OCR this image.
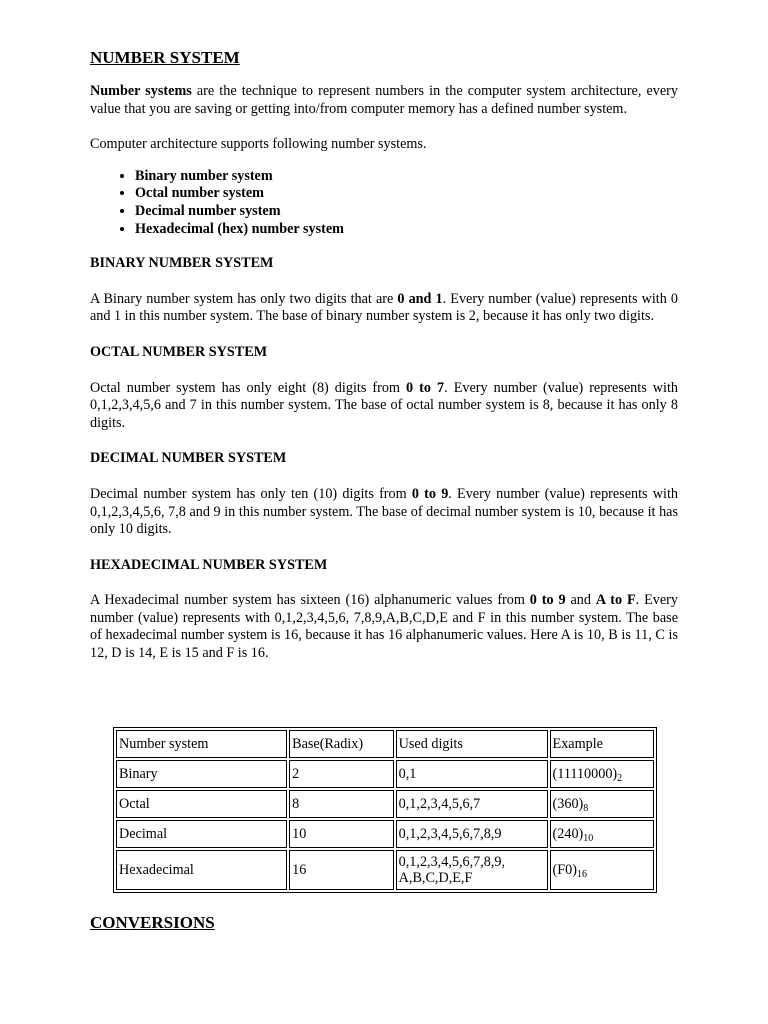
NUMBER SYSTEM

Number systems are the technique to represent numbers in the computer system architecture, every value that you are saving or getting into/from computer memory has a defined number system.

Computer architecture supports following number systems.

• Binary number system
• Octal number system
• Decimal number system
• Hexadecimal (hex) number system
BINARY NUMBER SYSTEM

A Binary number system has only two digits that are 0 and 1. Every number (value) represents with 0 and 1 in this number system. The base of binary number system is 2, because it has only two digits.

OCTAL NUMBER SYSTEM

Octal number system has only eight (8) digits from 0 to 7. Every number (value) represents with 0,1,2,3,4,5,6 and 7 in this number system. The base of octal number system is 8, because it has only 8 digits.

DECIMAL NUMBER SYSTEM

Decimal number system has only ten (10) digits from 0 to 9. Every number (value) represents with 0,1,2,3,4,5,6, 7,8 and 9 in this number system. The base of decimal number system is 10, because it has only 10 digits.

HEXADECIMAL NUMBER SYSTEM

A Hexadecimal number system has sixteen (16) alphanumeric values from 0 to 9 and A to F. Every number (value) represents with 0,1,2,3,4,5,6, 7,8,9,A,B,C,D,E and F in this number system. The base of hexadecimal number system is 16, because it has 16 alphanumeric values. Here A is 10, B is 11, C is 12, D is 14, E is 15 and F is 16.

Number system	Base(Radix)	Used digits	Example
Binary	2	0,1	$(11110000)_2$
Octal	8	0,1,2,3,4,5,6,7	$(360)_8$
Decimal	10	0,1,2,3,4,5,6,7,8,9	$(240)_{10}$
Hexadecimal	16	0,1,2,3,4,5,6,7,8,9, A,B,C,D,E,F	$(F0)_{16}$
CONVERSIONS
